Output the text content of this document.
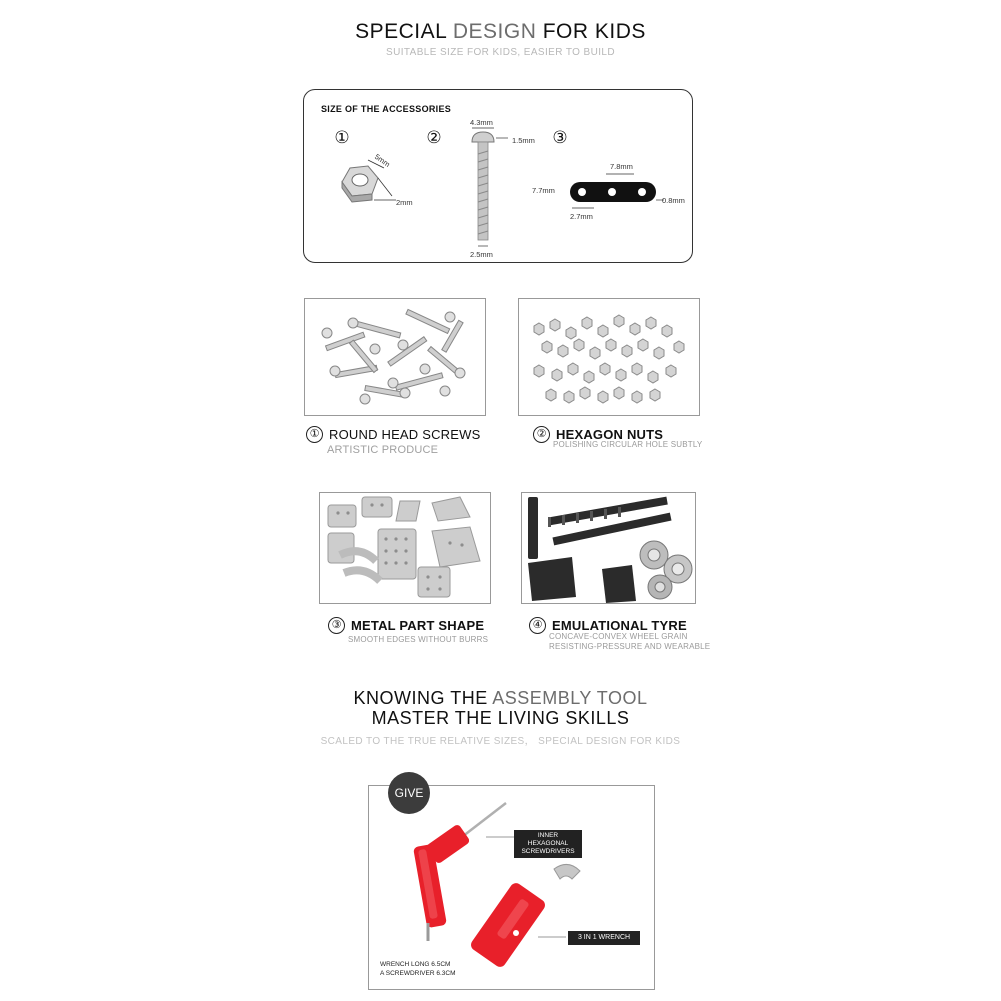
SPECIAL DESIGN FOR KIDS
SUITABLE SIZE FOR KIDS, EASIER TO BUILD
SIZE OF THE ACCESSORIES
①
5mm
2mm
②
4.3mm
1.5mm
2.5mm
③
7.8mm
7.7mm
0.8mm
2.7mm
① ROUND HEAD SCREWS
ARTISTIC PRODUCE
② HEXAGON NUTS
POLISHING CIRCULAR HOLE SUBTLY
③ METAL PART SHAPE
SMOOTH EDGES WITHOUT BURRS
④ EMULATIONAL TYRE
CONCAVE-CONVEX WHEEL GRAIN
RESISTING-PRESSURE AND WEARABLE
KNOWING THE ASSEMBLY TOOL
MASTER THE LIVING SKILLS
SCALED TO THE TRUE RELATIVE SIZES， SPECIAL DESIGN FOR KIDS
GIVE
INNER HEXAGONAL
SCREWDRIVERS
3 IN 1 WRENCH
WRENCH LONG 6.5CM
A SCREWDRIVER 6.3CM
